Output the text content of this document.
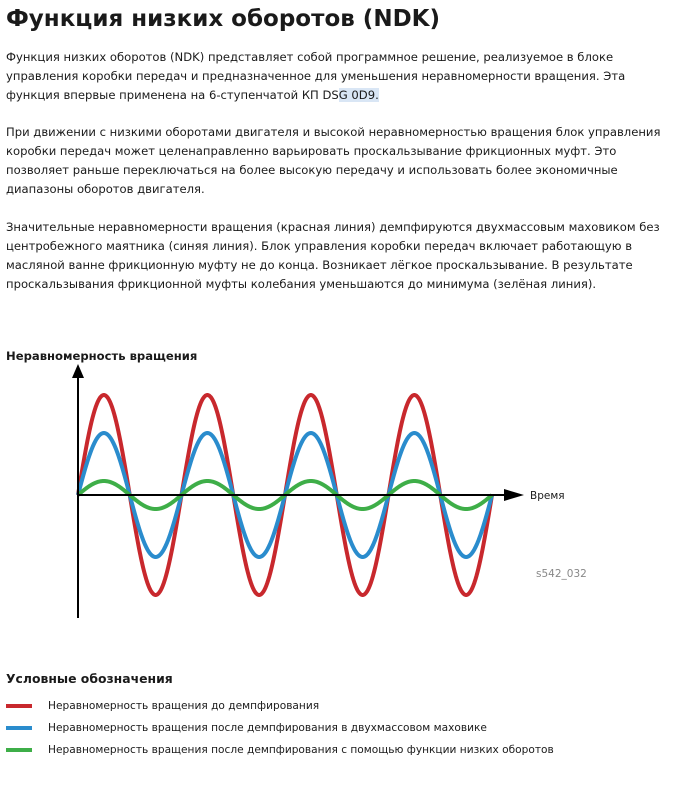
Функция низких оборотов (NDK)

Функция низких оборотов (NDK) представляет собой программное решение, реализуемое в блоке управления коробки передач и предназначенное для уменьшения неравномерности вращения. Эта функция впервые применена на 6-ступенчатой КП DSG 0D9.

При движении с низкими оборотами двигателя и высокой неравномерностью вращения блок управления коробки передач может целенаправленно варьировать проскальзывание фрикционных муфт. Это позволяет раньше переключаться на более высокую передачу и использовать более экономичные диапазоны оборотов двигателя.

Значительные неравномерности вращения (красная линия) демпфируются двухмассовым маховиком без центробежного маятника (синяя линия). Блок управления коробки передач включает работающую в масляной ванне фрикционную муфту не до конца. Возникает лёгкое проскальзывание. В результате проскальзывания фрикционной муфты колебания уменьшаются до минимума (зелёная линия).

Неравномерность вращения
Время
s542_032
Условные обозначения
Неравномерность вращения до демпфирования
Неравномерность вращения после демпфирования в двухмассовом маховике
Неравномерность вращения после демпфирования с помощью функции низких оборотов
